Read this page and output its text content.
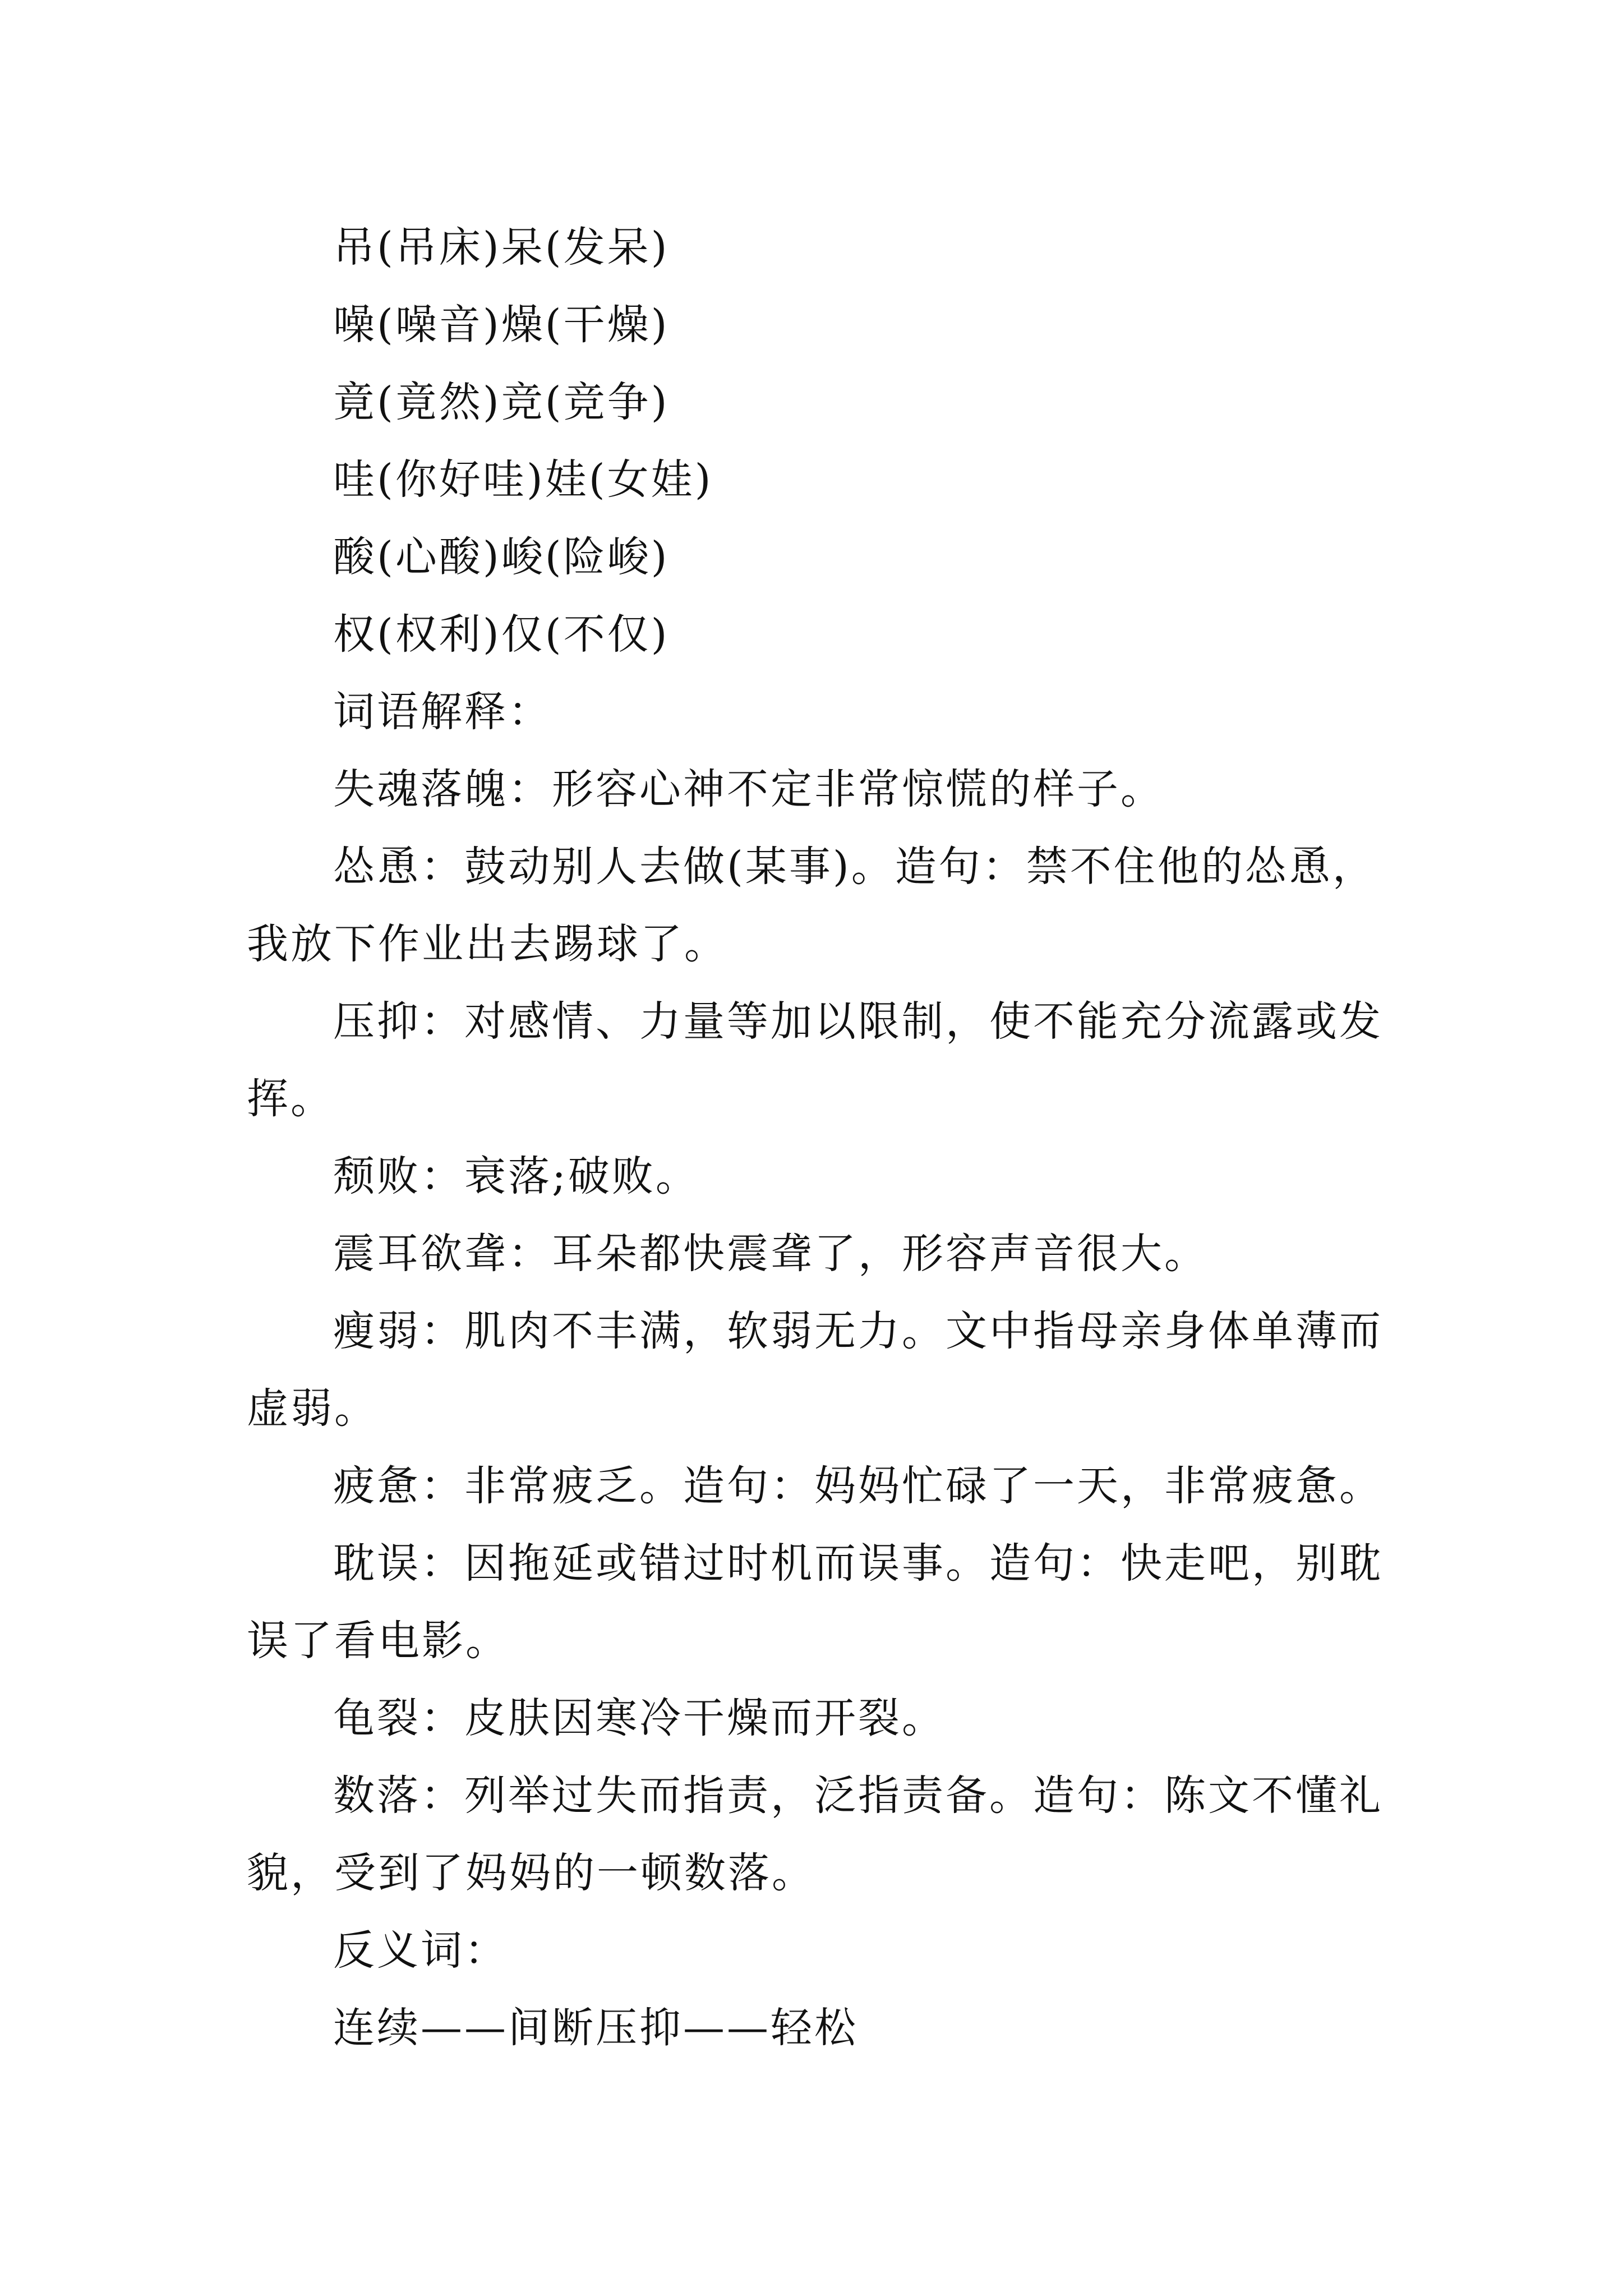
吊(吊床)呆(发呆)

噪(噪音)燥(干燥)

竟(竟然)竞(竞争)

哇(你好哇)娃(女娃)

酸(心酸)峻(险峻)

权(权利)仅(不仅)

词语解释：

失魂落魄：形容心神不定非常惊慌的样子。

怂恿：鼓动别人去做(某事)。造句：禁不住他的怂恿，我放下作业出去踢球了。

压抑：对感情、力量等加以限制，使不能充分流露或发挥。

颓败：衰落;破败。

震耳欲聋：耳朵都快震聋了，形容声音很大。

瘦弱：肌肉不丰满，软弱无力。文中指母亲身体单薄而虚弱。

疲惫：非常疲乏。造句：妈妈忙碌了一天，非常疲惫。

耽误：因拖延或错过时机而误事。造句：快走吧，别耽误了看电影。

龟裂：皮肤因寒冷干燥而开裂。

数落：列举过失而指责，泛指责备。造句：陈文不懂礼貌，受到了妈妈的一顿数落。

反义词：

连续——间断压抑——轻松
